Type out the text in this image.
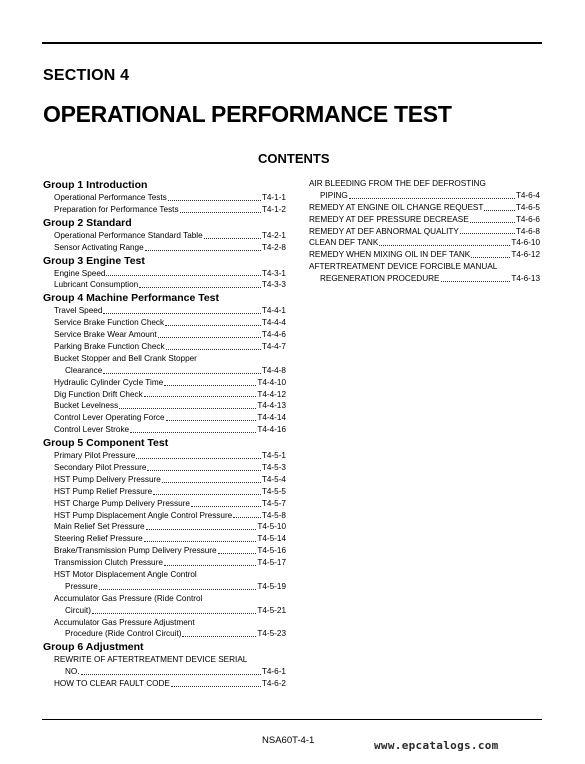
SECTION 4
OPERATIONAL PERFORMANCE TEST
CONTENTS
Group 1 Introduction
Operational Performance Tests	T4-1-1
Preparation for Performance Tests	T4-1-2
Group 2 Standard
Operational Performance Standard Table	T4-2-1
Sensor Activating Range	T4-2-8
Group 3 Engine Test
Engine Speed	T4-3-1
Lubricant Consumption	T4-3-3
Group 4 Machine Performance Test
Travel Speed	T4-4-1
Service Brake Function Check	T4-4-4
Service Brake Wear Amount	T4-4-6
Parking Brake Function Check	T4-4-7
Bucket Stopper and Bell Crank Stopper
Clearance	T4-4-8
Hydraulic Cylinder Cycle Time	T4-4-10
Dig Function Drift Check	T4-4-12
Bucket Levelness	T4-4-13
Control Lever Operating Force	T4-4-14
Control Lever Stroke	T4-4-16
Group 5 Component Test
Primary Pilot Pressure	T4-5-1
Secondary Pilot Pressure	T4-5-3
HST Pump Delivery Pressure	T4-5-4
HST Pump Relief Pressure	T4-5-5
HST Charge Pump Delivery Pressure	T4-5-7
HST Pump Displacement Angle Control Pressure	T4-5-8
Main Relief Set Pressure	T4-5-10
Steering Relief Pressure	T4-5-14
Brake/Transmission Pump Delivery Pressure	T4-5-16
Transmission Clutch Pressure	T4-5-17
HST Motor Displacement Angle Control
Pressure	T4-5-19
Accumulator Gas Pressure (Ride Control
Circuit)	T4-5-21
Accumulator Gas Pressure Adjustment
Procedure (Ride Control Circuit)	T4-5-23
Group 6 Adjustment
REWRITE OF AFTERTREATMENT DEVICE SERIAL
NO.	T4-6-1
HOW TO CLEAR FAULT CODE	T4-6-2
AIR BLEEDING FROM THE DEF DEFROSTING
PIPING	T4-6-4
REMEDY AT ENGINE OIL CHANGE REQUEST	T4-6-5
REMEDY AT DEF PRESSURE DECREASE	T4-6-6
REMEDY AT DEF ABNORMAL QUALITY	T4-6-8
CLEAN DEF TANK	T4-6-10
REMEDY WHEN MIXING OIL IN DEF TANK	T4-6-12
AFTERTREATMENT DEVICE FORCIBLE MANUAL
REGENERATION PROCEDURE	T4-6-13
NSA60T-4-1	www.epcatalogs.com
